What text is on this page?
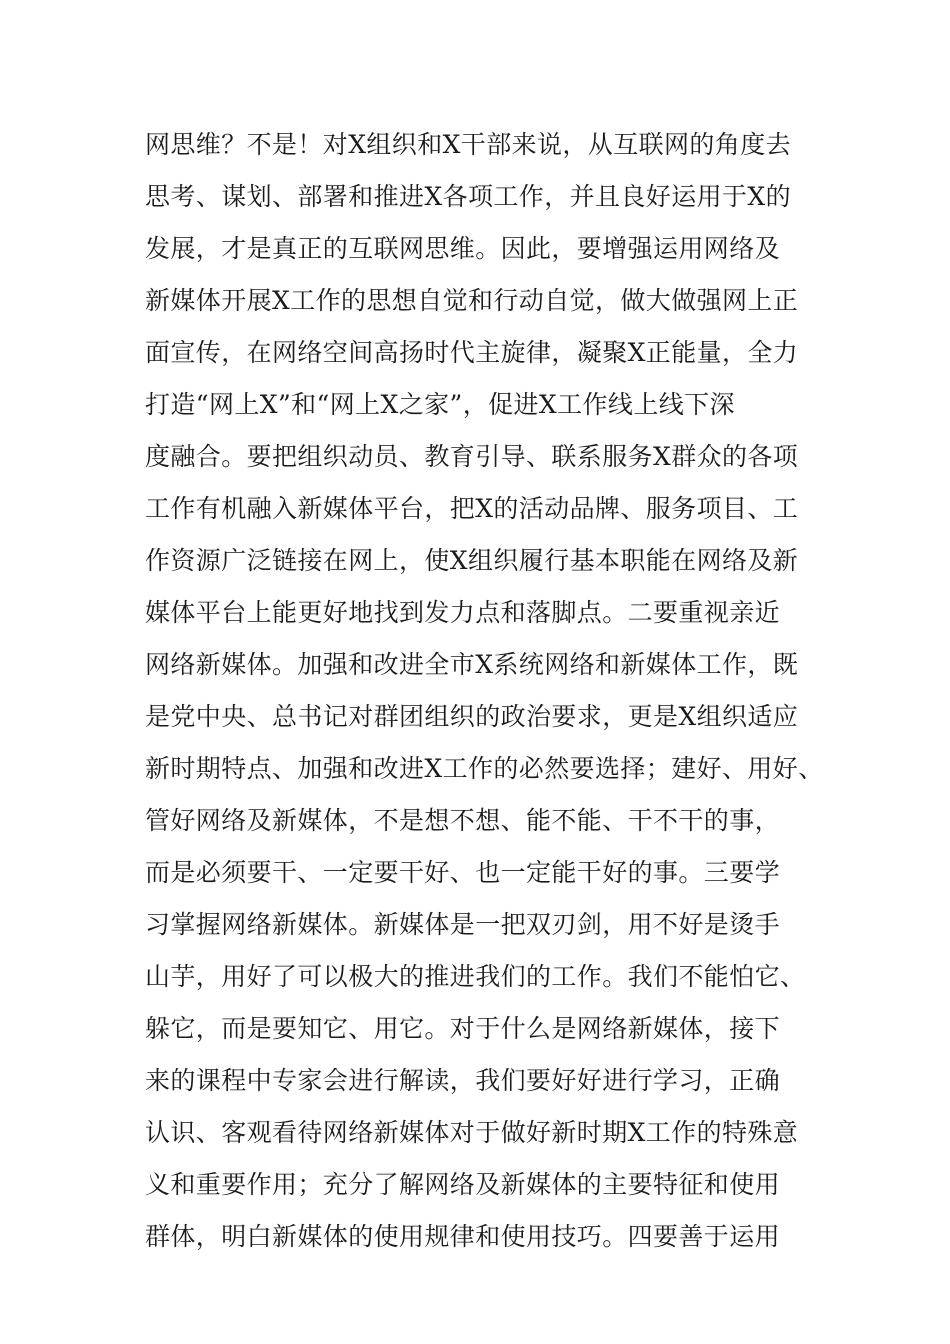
网思维？不是！对X组织和X干部来说，从互联网的角度去
思考、谋划、部署和推进X各项工作，并且良好运用于X的
发展，才是真正的互联网思维。因此，要增强运用网络及
新媒体开展X工作的思想自觉和行动自觉，做大做强网上正
面宣传，在网络空间高扬时代主旋律，凝聚X正能量，全力
打造“网上X”和“网上X之家”，促进X工作线上线下深
度融合。要把组织动员、教育引导、联系服务X群众的各项
工作有机融入新媒体平台，把X的活动品牌、服务项目、工
作资源广泛链接在网上，使X组织履行基本职能在网络及新
媒体平台上能更好地找到发力点和落脚点。二要重视亲近
网络新媒体。加强和改进全市X系统网络和新媒体工作，既
是党中央、总书记对群团组织的政治要求，更是X组织适应
新时期特点、加强和改进X工作的必然要选择；建好、用好、
管好网络及新媒体，不是想不想、能不能、干不干的事，
而是必须要干、一定要干好、也一定能干好的事。三要学
习掌握网络新媒体。新媒体是一把双刃剑，用不好是烫手
山芋，用好了可以极大的推进我们的工作。我们不能怕它、
躲它，而是要知它、用它。对于什么是网络新媒体，接下
来的课程中专家会进行解读，我们要好好进行学习，正确
认识、客观看待网络新媒体对于做好新时期X工作的特殊意
义和重要作用；充分了解网络及新媒体的主要特征和使用
群体，明白新媒体的使用规律和使用技巧。四要善于运用
